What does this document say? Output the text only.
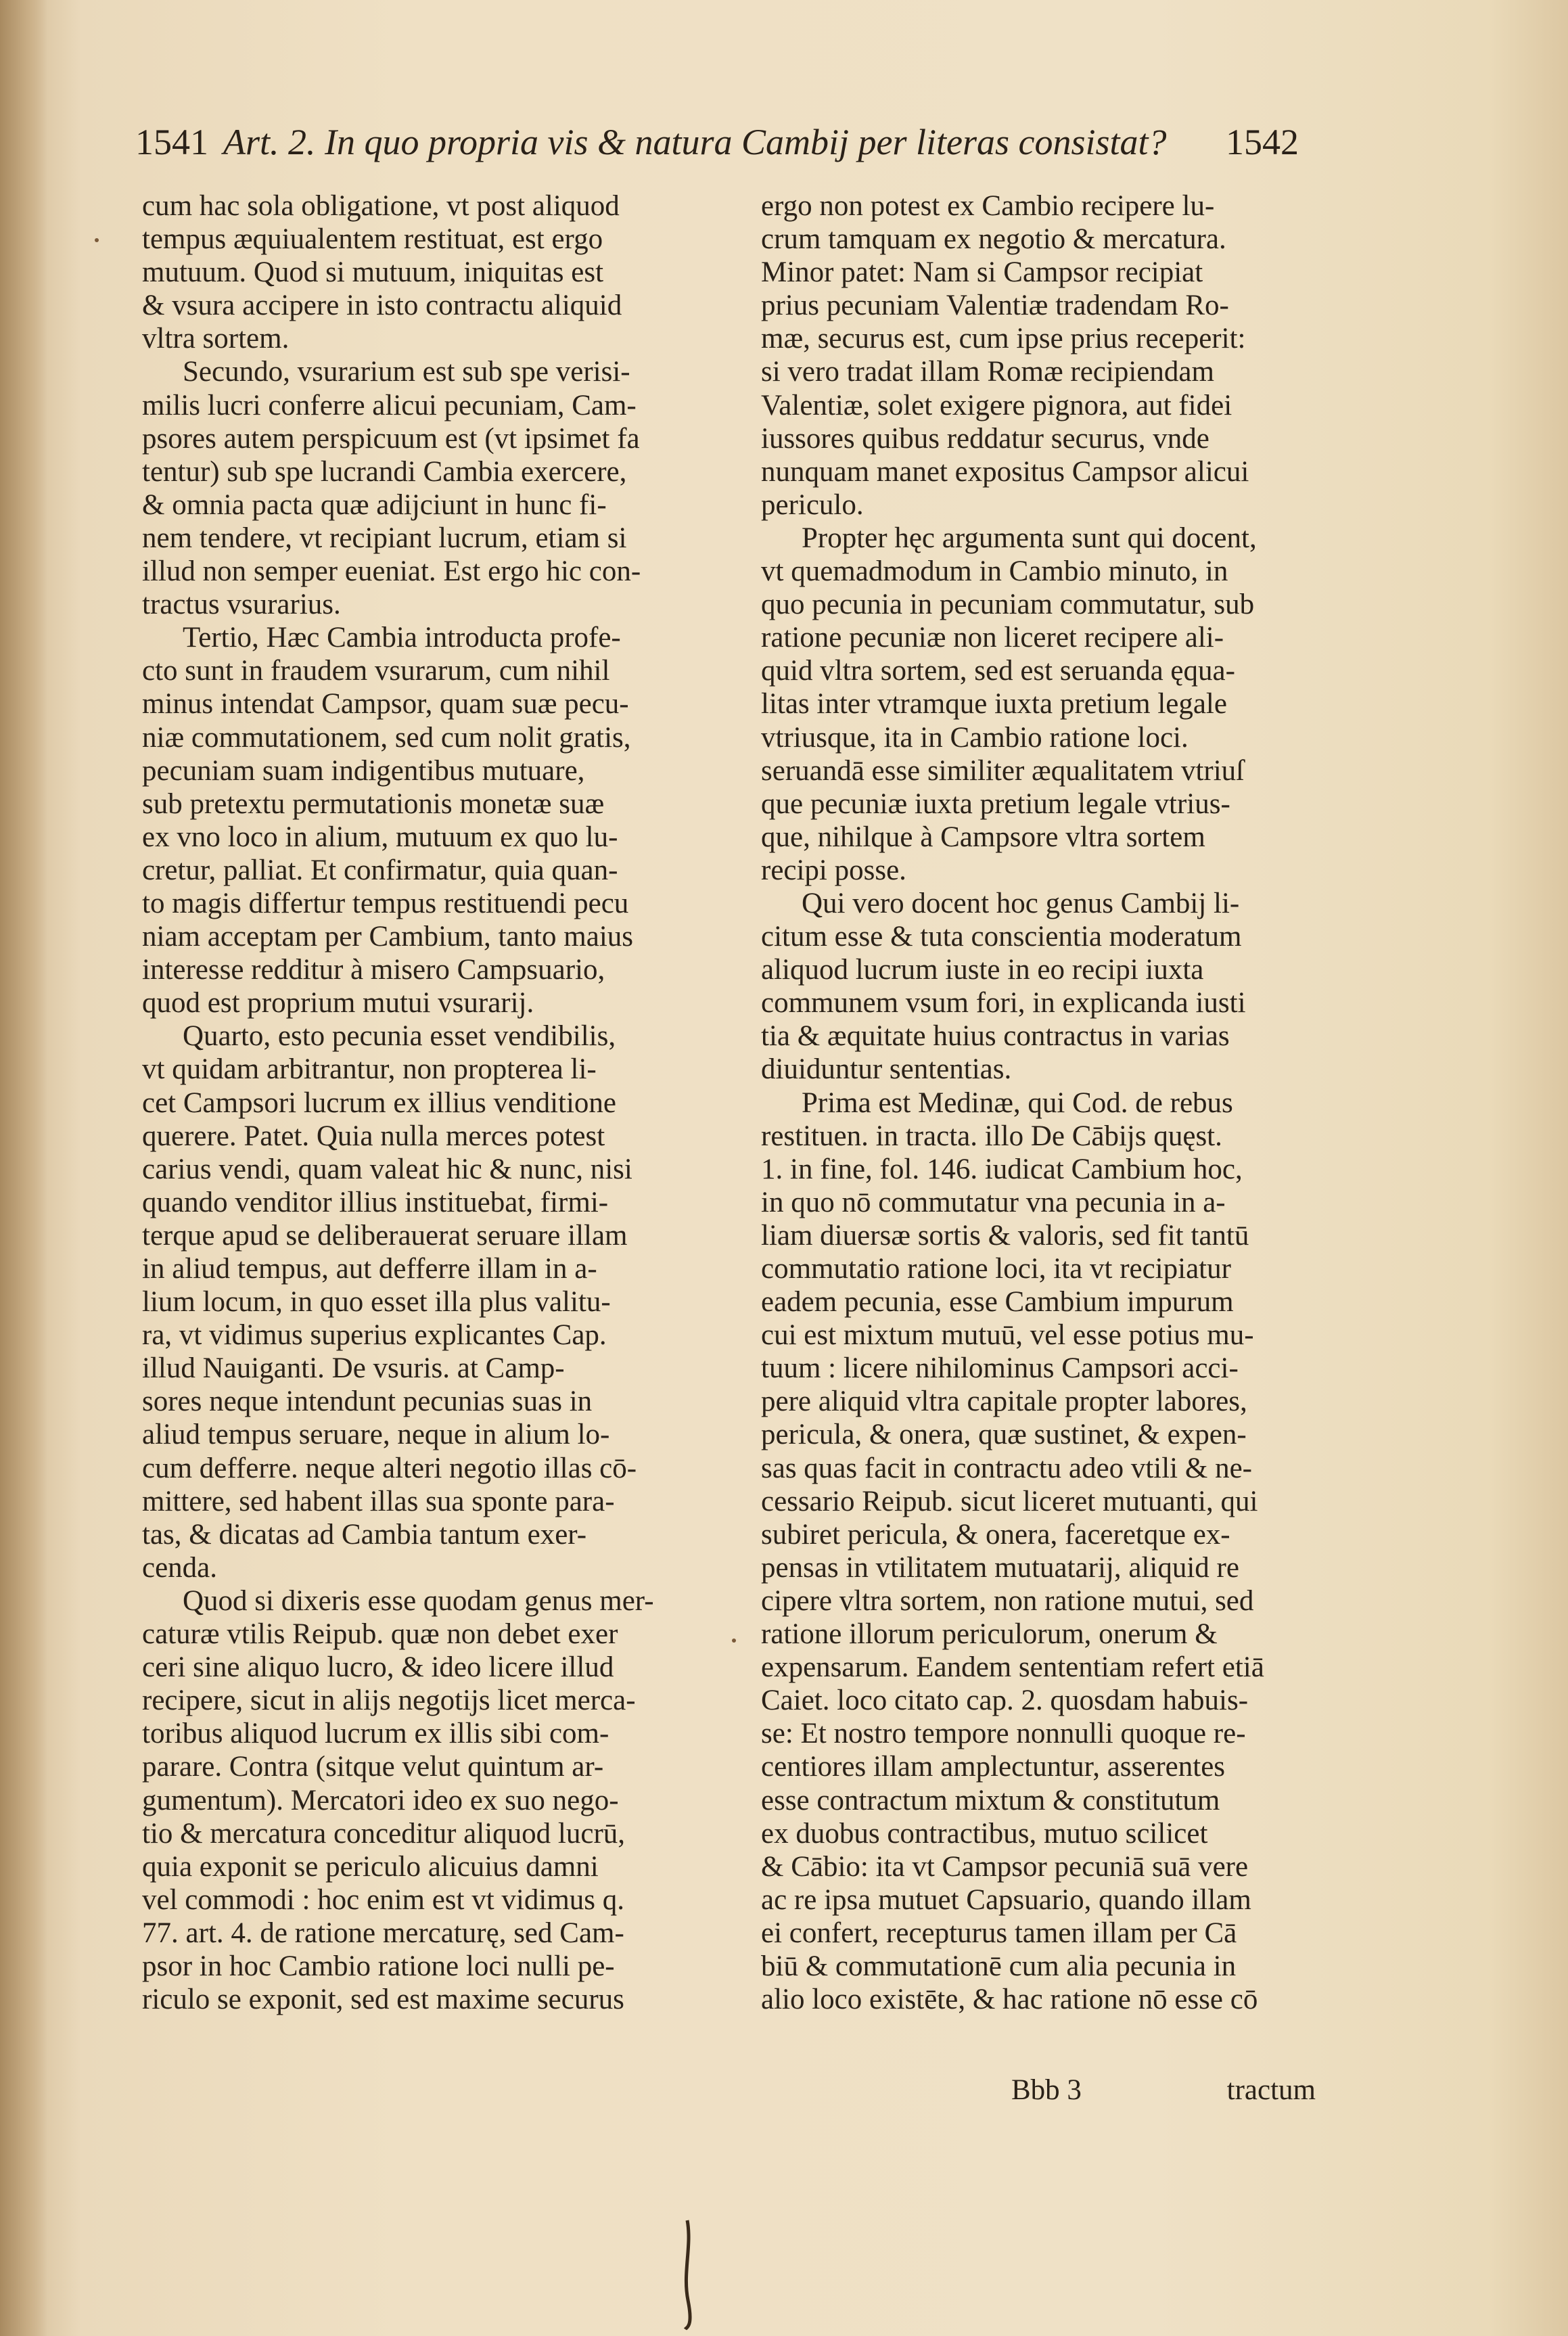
1541 Art. 2. In quo propria vis & natura Cambij per literas consistat? 1542
cum hac sola obligatione, vt post aliquod
tempus æquiualentem restituat, est ergo
mutuum. Quod si mutuum, iniquitas est
& vsura accipere in isto contractu aliquid
vltra sortem.
Secundo, vsurarium est sub spe verisi-
milis lucri conferre alicui pecuniam, Cam-
psores autem perspicuum est (vt ipsimet fa
tentur) sub spe lucrandi Cambia exercere,
& omnia pacta quæ adijciunt in hunc fi-
nem tendere, vt recipiant lucrum, etiam si
illud non semper eueniat. Est ergo hic con-
tractus vsurarius.
Tertio, Hæc Cambia introducta profe-
cto sunt in fraudem vsurarum, cum nihil
minus intendat Campsor, quam suæ pecu-
niæ commutationem, sed cum nolit gratis,
pecuniam suam indigentibus mutuare,
sub pretextu permutationis monetæ suæ
ex vno loco in alium, mutuum ex quo lu-
cretur, palliat. Et confirmatur, quia quan-
to magis differtur tempus restituendi pecu
niam acceptam per Cambium, tanto maius
interesse redditur à misero Campsuario,
quod est proprium mutui vsurarij.
Quarto, esto pecunia esset vendibilis,
vt quidam arbitrantur, non propterea li-
cet Campsori lucrum ex illius venditione
querere. Patet. Quia nulla merces potest
carius vendi, quam valeat hic & nunc, nisi
quando venditor illius instituebat, firmi-
terque apud se deliberauerat seruare illam
in aliud tempus, aut defferre illam in a-
lium locum, in quo esset illa plus valitu-
ra, vt vidimus superius explicantes Cap.
illud Nauiganti. De vsuris. at Camp-
sores neque intendunt pecunias suas in
aliud tempus seruare, neque in alium lo-
cum defferre. neque alteri negotio illas cō-
mittere, sed habent illas sua sponte para-
tas, & dicatas ad Cambia tantum exer-
cenda.
Quod si dixeris esse quodam genus mer-
caturæ vtilis Reipub. quæ non debet exer
ceri sine aliquo lucro, & ideo licere illud
recipere, sicut in alijs negotijs licet merca-
toribus aliquod lucrum ex illis sibi com-
parare. Contra (sitque velut quintum ar-
gumentum). Mercatori ideo ex suo nego-
tio & mercatura conceditur aliquod lucrū,
quia exponit se periculo alicuius damni
vel commodi : hoc enim est vt vidimus q.
77. art. 4. de ratione mercaturę, sed Cam-
psor in hoc Cambio ratione loci nulli pe-
riculo se exponit, sed est maxime securus
ergo non potest ex Cambio recipere lu-
crum tamquam ex negotio & mercatura.
Minor patet: Nam si Campsor recipiat
prius pecuniam Valentiæ tradendam Ro-
mæ, securus est, cum ipse prius receperit:
si vero tradat illam Romæ recipiendam
Valentiæ, solet exigere pignora, aut fidei
iussores quibus reddatur securus, vnde
nunquam manet expositus Campsor alicui
periculo.
Propter hęc argumenta sunt qui docent,
vt quemadmodum in Cambio minuto, in
quo pecunia in pecuniam commutatur, sub
ratione pecuniæ non liceret recipere ali-
quid vltra sortem, sed est seruanda ęqua-
litas inter vtramque iuxta pretium legale
vtriusque, ita in Cambio ratione loci.
seruandā esse similiter æqualitatem vtriuſ
que pecuniæ iuxta pretium legale vtrius-
que, nihilque à Campsore vltra sortem
recipi posse.
Qui vero docent hoc genus Cambij li-
citum esse & tuta conscientia moderatum
aliquod lucrum iuste in eo recipi iuxta
communem vsum fori, in explicanda iusti
tia & æquitate huius contractus in varias
diuiduntur sententias.
Prima est Medinæ, qui Cod. de rebus
restituen. in tracta. illo De Cābijs quęst.
1. in fine, fol. 146. iudicat Cambium hoc,
in quo nō commutatur vna pecunia in a-
liam diuersæ sortis & valoris, sed fit tantū
commutatio ratione loci, ita vt recipiatur
eadem pecunia, esse Cambium impurum
cui est mixtum mutuū, vel esse potius mu-
tuum : licere nihilominus Campsori acci-
pere aliquid vltra capitale propter labores,
pericula, & onera, quæ sustinet, & expen-
sas quas facit in contractu adeo vtili & ne-
cessario Reipub. sicut liceret mutuanti, qui
subiret pericula, & onera, faceretque ex-
pensas in vtilitatem mutuatarij, aliquid re
cipere vltra sortem, non ratione mutui, sed
ratione illorum periculorum, onerum &
expensarum. Eandem sententiam refert etiā
Caiet. loco citato cap. 2. quosdam habuis-
se: Et nostro tempore nonnulli quoque re-
centiores illam amplectuntur, asserentes
esse contractum mixtum & constitutum
ex duobus contractibus, mutuo scilicet
& Cābio: ita vt Campsor pecuniā suā vere
ac re ipsa mutuet Capsuario, quando illam
ei confert, recepturus tamen illam per Cā
biū & commutationē cum alia pecunia in
alio loco existēte, & hac ratione nō esse cō
Bbb 3	tractum
